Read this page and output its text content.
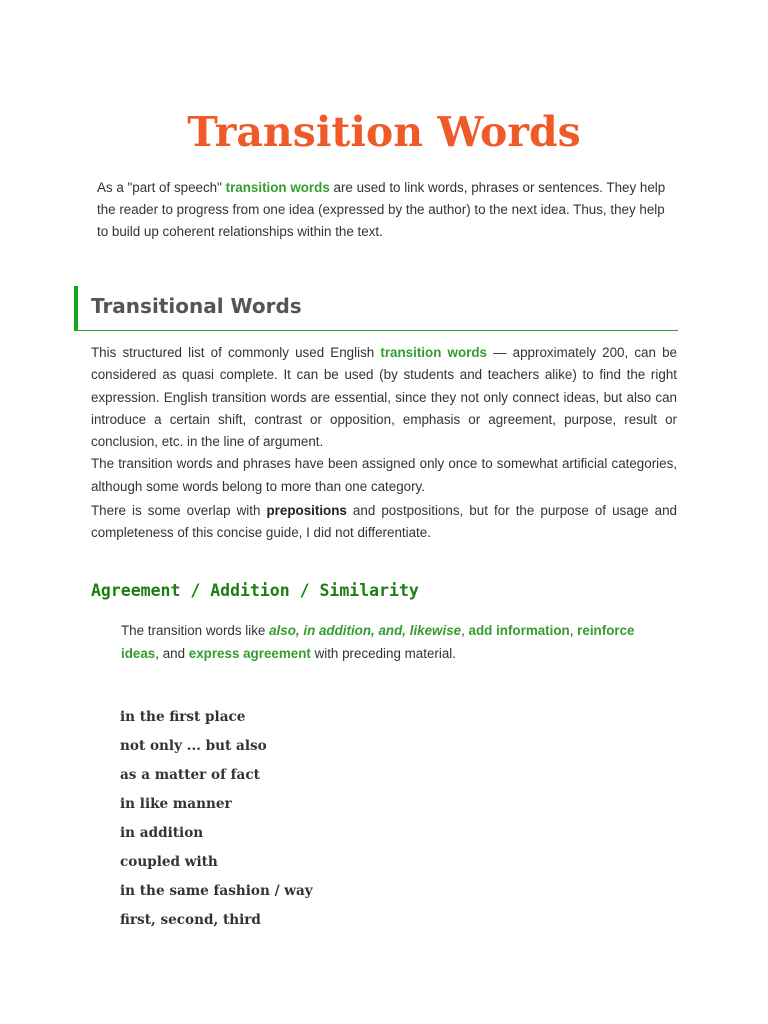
Transition Words

As a "part of speech" transition words are used to link words, phrases or sentences. They help the reader to progress from one idea (expressed by the author) to the next idea. Thus, they help to build up coherent relationships within the text.

Transitional Words

This structured list of commonly used English transition words — approximately 200, can be considered as quasi complete. It can be used (by students and teachers alike) to find the right expression. English transition words are essential, since they not only connect ideas, but also can introduce a certain shift, contrast or opposition, emphasis or agreement, purpose, result or conclusion, etc. in the line of argument.

The transition words and phrases have been assigned only once to somewhat artificial categories, although some words belong to more than one category.

There is some overlap with prepositions and postpositions, but for the purpose of usage and completeness of this concise guide, I did not differentiate.

Agreement / Addition / Similarity

The transition words like also, in addition, and, likewise, add information, reinforce ideas, and express agreement with preceding material.

in the first place
not only ... but also
as a matter of fact
in like manner
in addition
coupled with
in the same fashion / way
first, second, third
